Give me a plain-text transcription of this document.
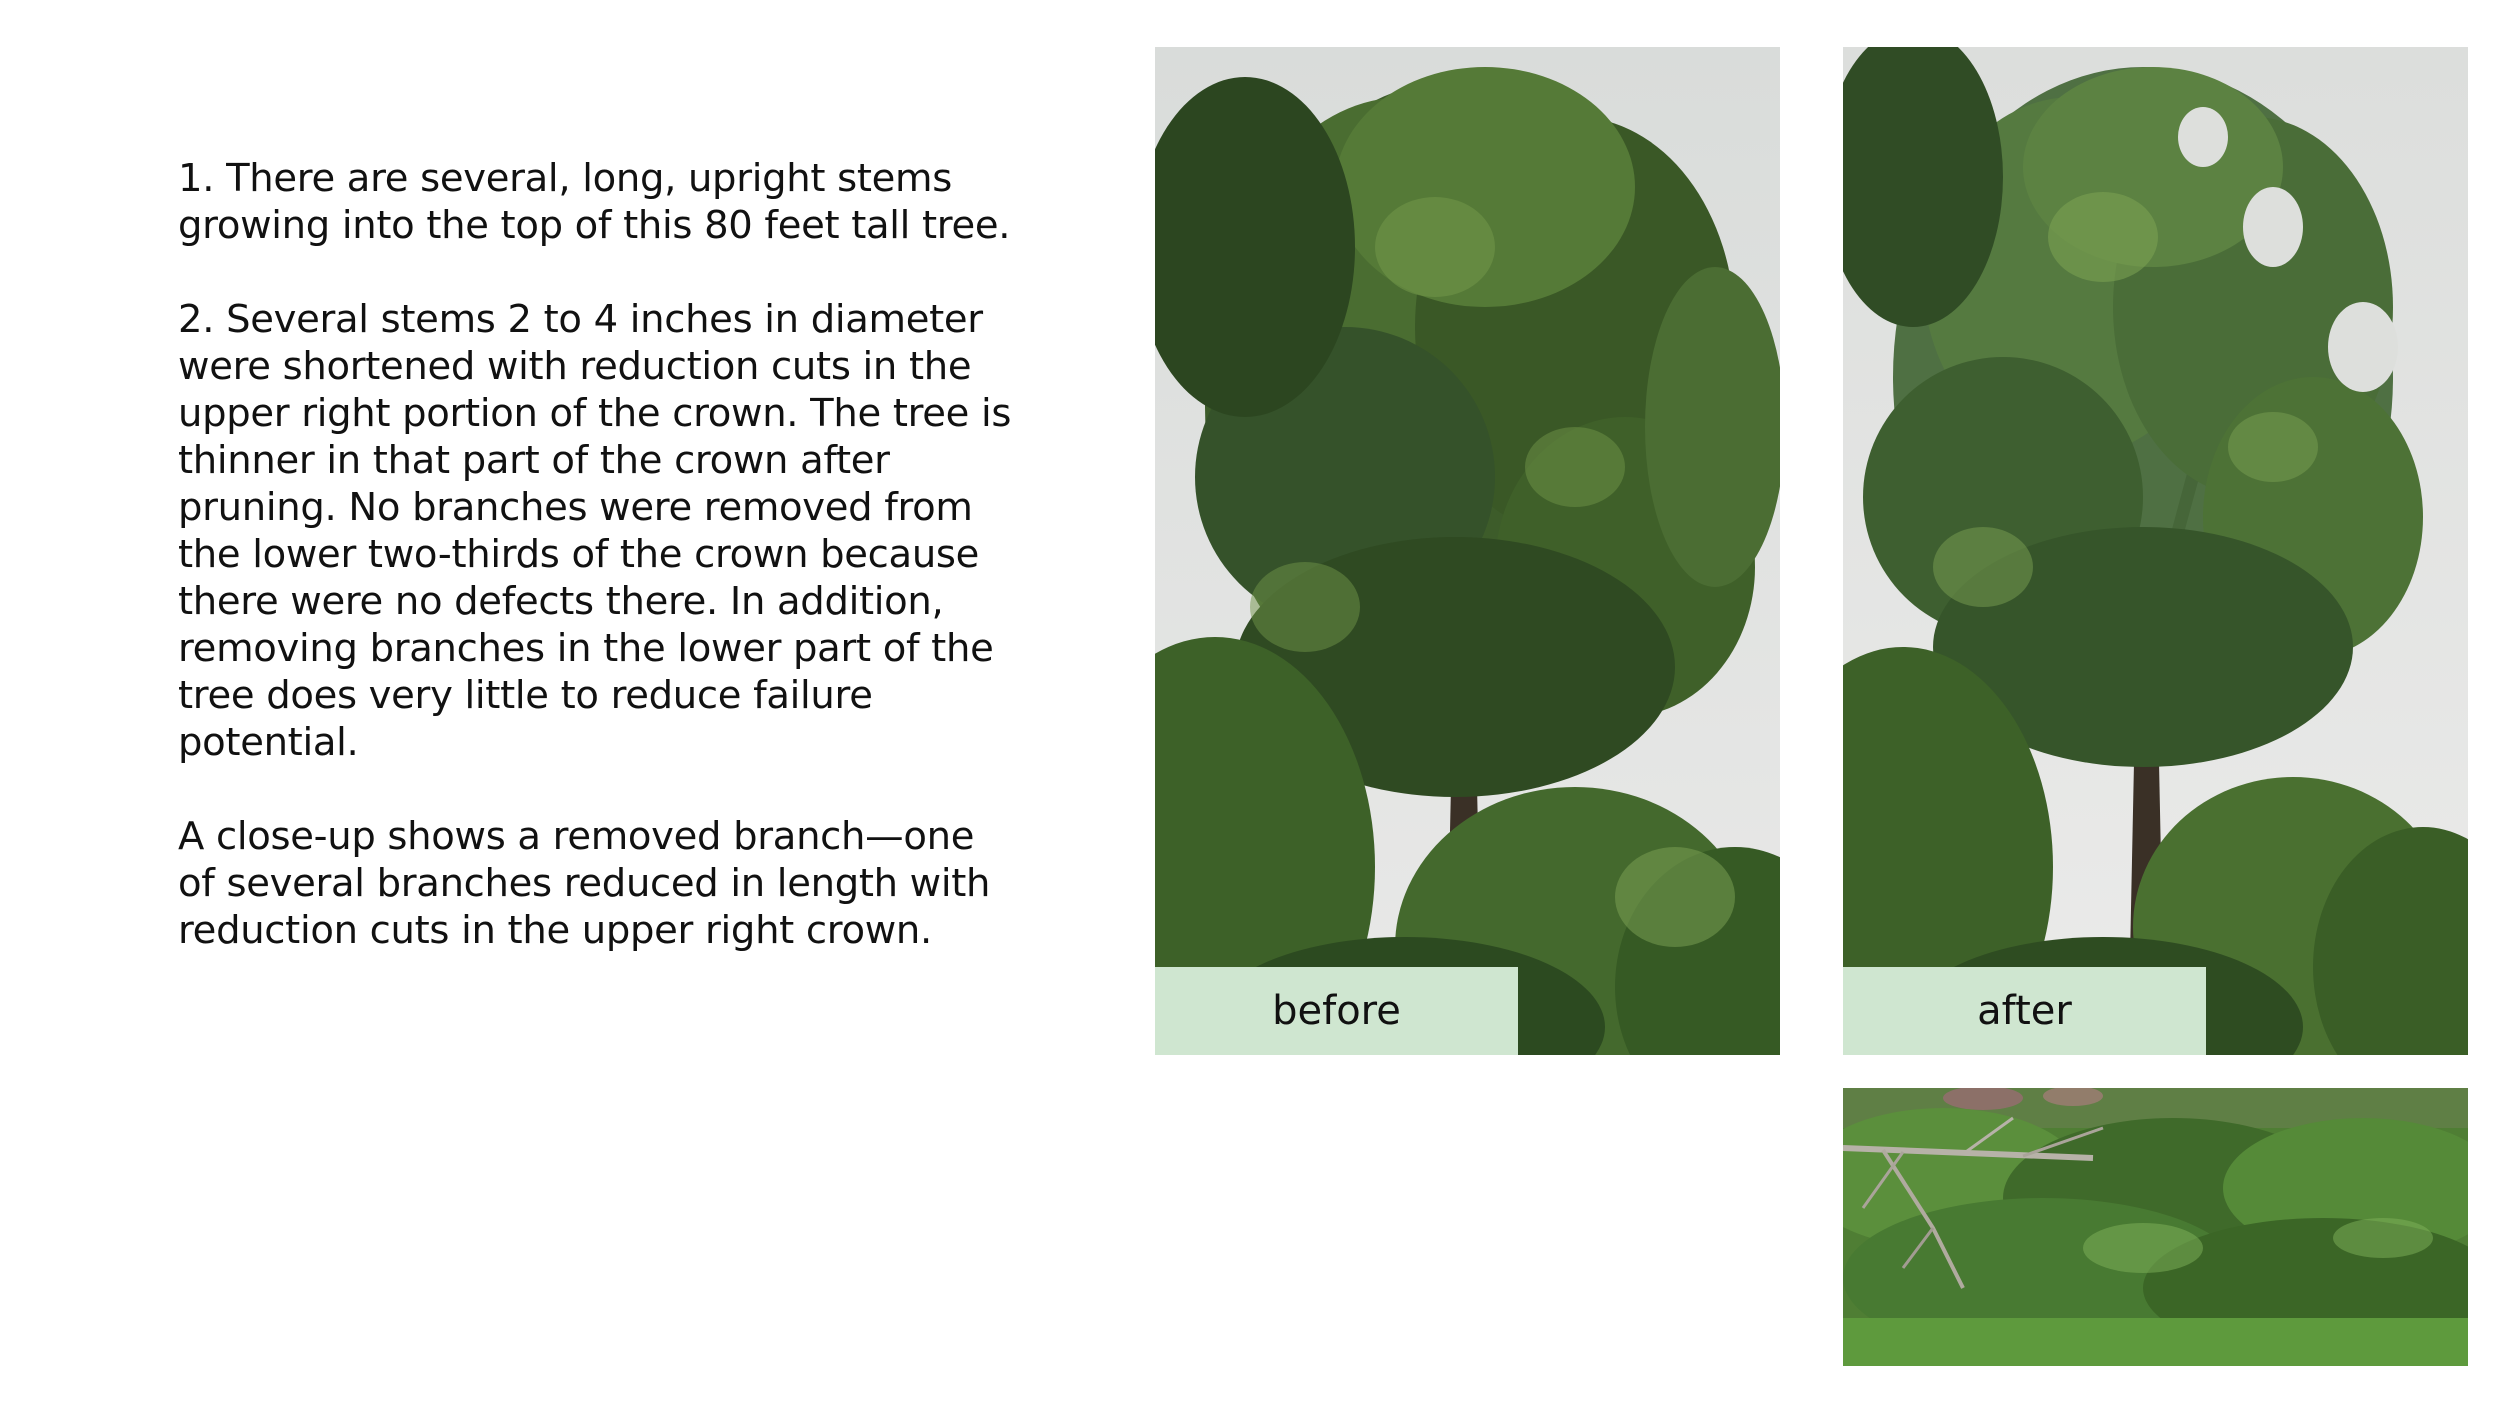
1. There are several, long, upright stems growing into the top of this 80 feet tall tree.

2. Several stems 2 to 4 inches in diameter were shortened with reduction cuts in the upper right portion of the crown. The tree is thinner in that part of the crown after pruning. No branches were removed from the lower two-thirds of the crown because there were no defects there. In addition, removing branches in the lower part of the tree does very little to reduce failure potential.

A close-up shows a removed branch—one of several branches reduced in length with reduction cuts in the upper right crown.

before	after
